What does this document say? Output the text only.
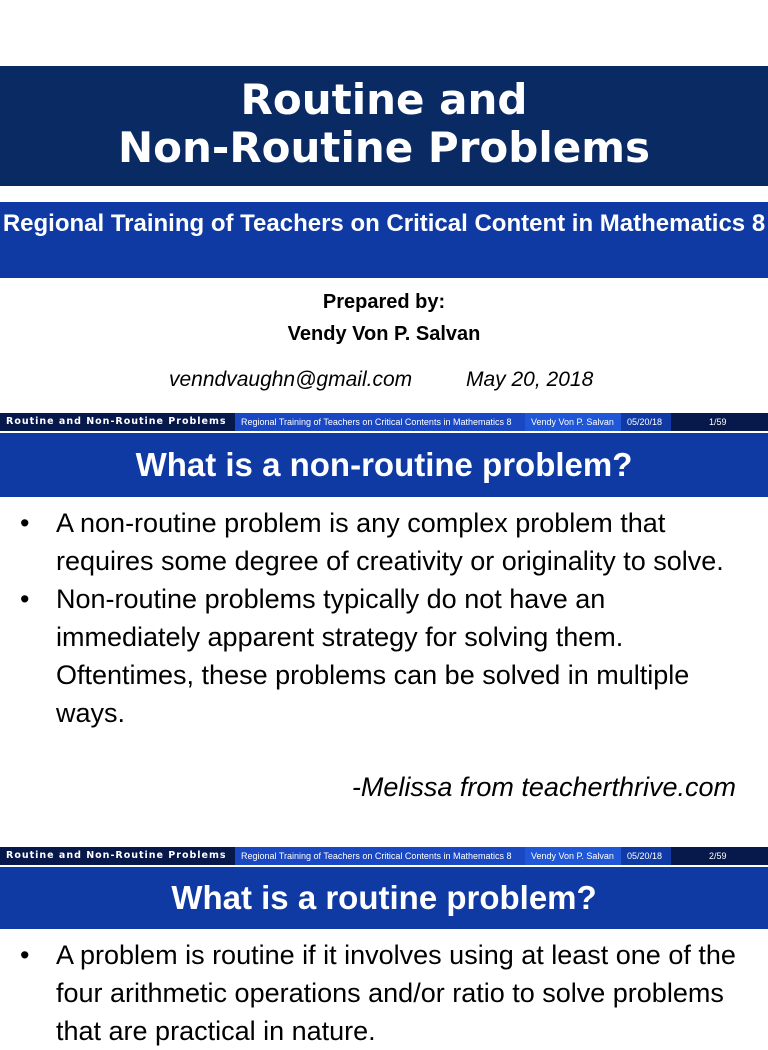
Routine and
Non-Routine Problems
Regional Training of Teachers on Critical Content in Mathematics 8
Prepared by:
Vendy Von P. Salvan
venndvaughn@gmail.com	May 20, 2018
Routine and Non-Routine Problems	Regional Training of Teachers on Critical Contents in Mathematics 8	Vendy Von P. Salvan	05/20/18	1/59
What is a non-routine problem?
• A non-routine problem is any complex problem that requires some degree of creativity or originality to solve.
• Non-routine problems typically do not have an immediately apparent strategy for solving them. Oftentimes, these problems can be solved in multiple ways.
-Melissa from teacherthrive.com
Routine and Non-Routine Problems	Regional Training of Teachers on Critical Contents in Mathematics 8	Vendy Von P. Salvan	05/20/18	2/59
What is a routine problem?
• A problem is routine if it involves using at least one of the four arithmetic operations and/or ratio to solve problems that are practical in nature.
